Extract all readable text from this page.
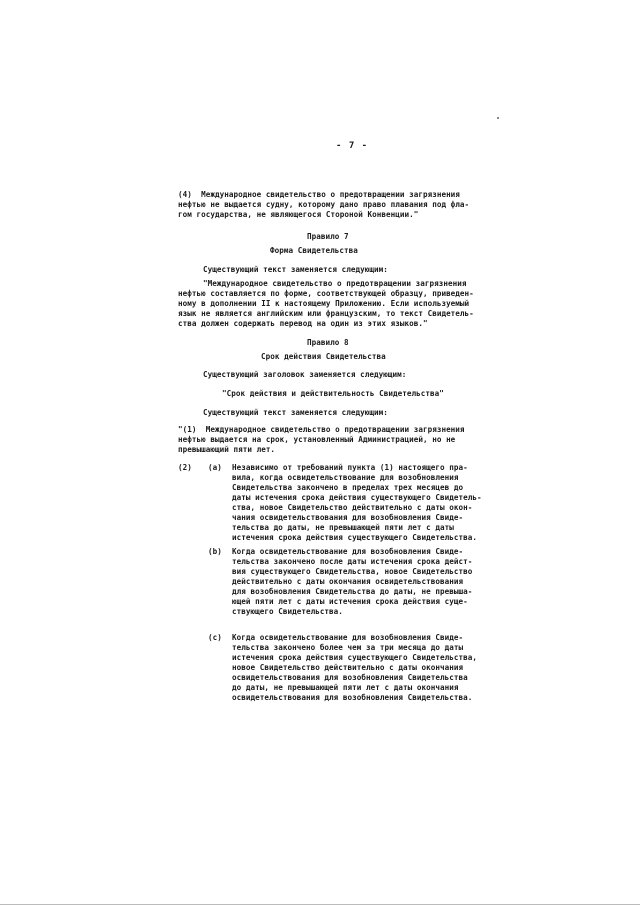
- 7 -

(4)  Международное свидетельство о предотвращении загрязнения

нефтью не выдается судну, которому дано право плавания под фла-

гом государства, не являющегося Стороной Конвенции."

Правило 7

Форма Свидетельства

Существующий текст заменяется следующим:

"Международное свидетельство о предотвращении загрязнения

нефтью составляется по форме, соответствующей образцу, приведен-

ному в дополнении II к настоящему Приложению. Если используемый

язык не является английским или французским, то текст Свидетель-

ства должен содержать перевод на один из этих языков."

Правило 8

Срок действия Свидетельства

Существующий заголовок заменяется следующим:

"Срок действия и действительность Свидетельства"

Существующий текст заменяется следующим:

"(1)  Международное свидетельство о предотвращении загрязнения

нефтью выдается на срок, установленный Администрацией, но не

превышающий пяти лет.

(2) (a) Независимо от требований пункта (1) настоящего пра-

вила, когда освидетельствование для возобновления

Свидетельства закончено в пределах трех месяцев до

даты истечения срока действия существующего Свидетель-

ства, новое Свидетельство действительно с даты окон-

чания освидетельствования для возобновления Свиде-

тельства до даты, не превышающей пяти лет с даты

истечения срока действия существующего Свидетельства.

(b) Когда освидетельствование для возобновления Свиде-

тельства закончено после даты истечения срока дейст-

вия существующего Свидетельства, новое Свидетельство

действительно с даты окончания освидетельствования

для возобновления Свидетельства до даты, не превыша-

ющей пяти лет с даты истечения срока действия суще-

ствующего Свидетельства.

(c) Когда освидетельствование для возобновления Свиде-

тельства закончено более чем за три месяца до даты

истечения срока действия существующего Свидетельства,

новое Свидетельство действительно с даты окончания

освидетельствования для возобновления Свидетельства

до даты, не превышающей пяти лет с даты окончания

освидетельствования для возобновления Свидетельства.
